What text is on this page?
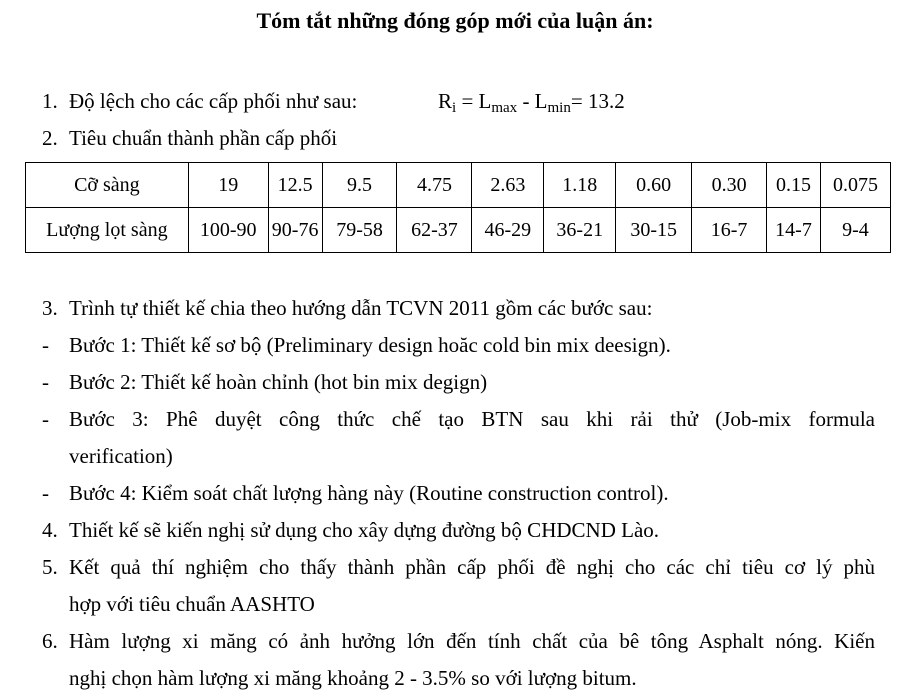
Tóm tắt những đóng góp mới của luận án:
1. Độ lệch cho các cấp phối như sau:	$R_i = L_{max} - L_{min}= 13.2$
2. Tiêu chuẩn thành phần cấp phối
Cỡ sàng	19	12.5	9.5	4.75	2.63	1.18	0.60	0.30	0.15	0.075
Lượng lọt sàng	100-90	90-76	79-58	62-37	46-29	36-21	30-15	16-7	14-7	9-4
3. Trình tự thiết kế chia theo hướng dẫn TCVN 2011 gồm các bước sau:
- Bước 1: Thiết kế sơ bộ (Preliminary design hoăc cold bin mix deesign).
- Bước 2: Thiết kế hoàn chỉnh (hot bin mix degign)
- Bước 3: Phê duyệt công thức chế tạo BTN sau khi rải thử (Job-mix formula
verification)
- Bước 4: Kiểm soát chất lượng hàng này (Routine construction control).
4. Thiết kế sẽ kiến nghị sử dụng cho xây dựng đường bộ CHDCND Lào.
5. Kết quả thí nghiệm cho thấy thành phần cấp phối đề nghị cho các chỉ tiêu cơ lý phù
hợp với tiêu chuẩn AASHTO
6. Hàm lượng xi măng có ảnh hưởng lớn đến tính chất của bê tông Asphalt nóng. Kiến
nghị chọn hàm lượng xi măng khoảng 2 - 3.5% so với lượng bitum.
